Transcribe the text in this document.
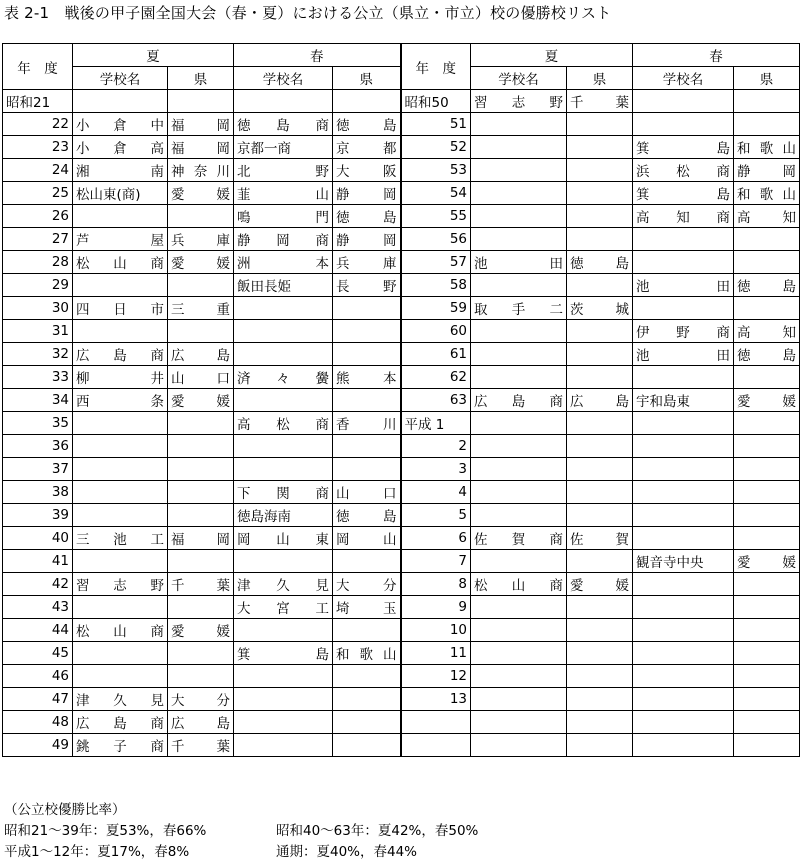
表 2-1　戦後の甲子園全国大会（春・夏）における公立（県立・市立）校の優勝校リスト
年　度	夏		春		年　度	夏		春	
	学校名	県	学校名	県		学校名	県	学校名	県
昭和21					昭和50	習志野	千葉		
22	小倉中	福岡	徳島商	徳島	51				
23	小倉高	福岡	京都一商	京都	52			箕島	和歌山
24	湘南	神奈川	北野	大阪	53			浜松商	静岡
25	松山東(商)	愛媛	韮山	静岡	54			箕島	和歌山
26			鳴門	徳島	55			高知商	高知
27	芦屋	兵庫	静岡商	静岡	56				
28	松山商	愛媛	洲本	兵庫	57	池田	徳島		
29			飯田長姫	長野	58			池田	徳島
30	四日市	三重			59	取手二	茨城		
31					60			伊野商	高知
32	広島商	広島			61			池田	徳島
33	柳井	山口	済々黌	熊本	62				
34	西条	愛媛			63	広島商	広島	宇和島東	愛媛
35			高松商	香川	平成 1				
36					2				
37					3				
38			下関商	山口	4				
39			徳島海南	徳島	5				
40	三池工	福岡	岡山東	岡山	6	佐賀商	佐賀		
41					7			観音寺中央	愛媛
42	習志野	千葉	津久見	大分	8	松山商	愛媛		
43			大宮工	埼玉	9				
44	松山商	愛媛			10				
45			箕島	和歌山	11				
46					12				
47	津久見	大分			13				
48	広島商	広島							
49	銚子商	千葉							
（公立校優勝比率）
昭和21～39年：夏53%，春66%	昭和40～63年：夏42%，春50%
平成1～12年：夏17%，春8%	通期：夏40%，春44%
